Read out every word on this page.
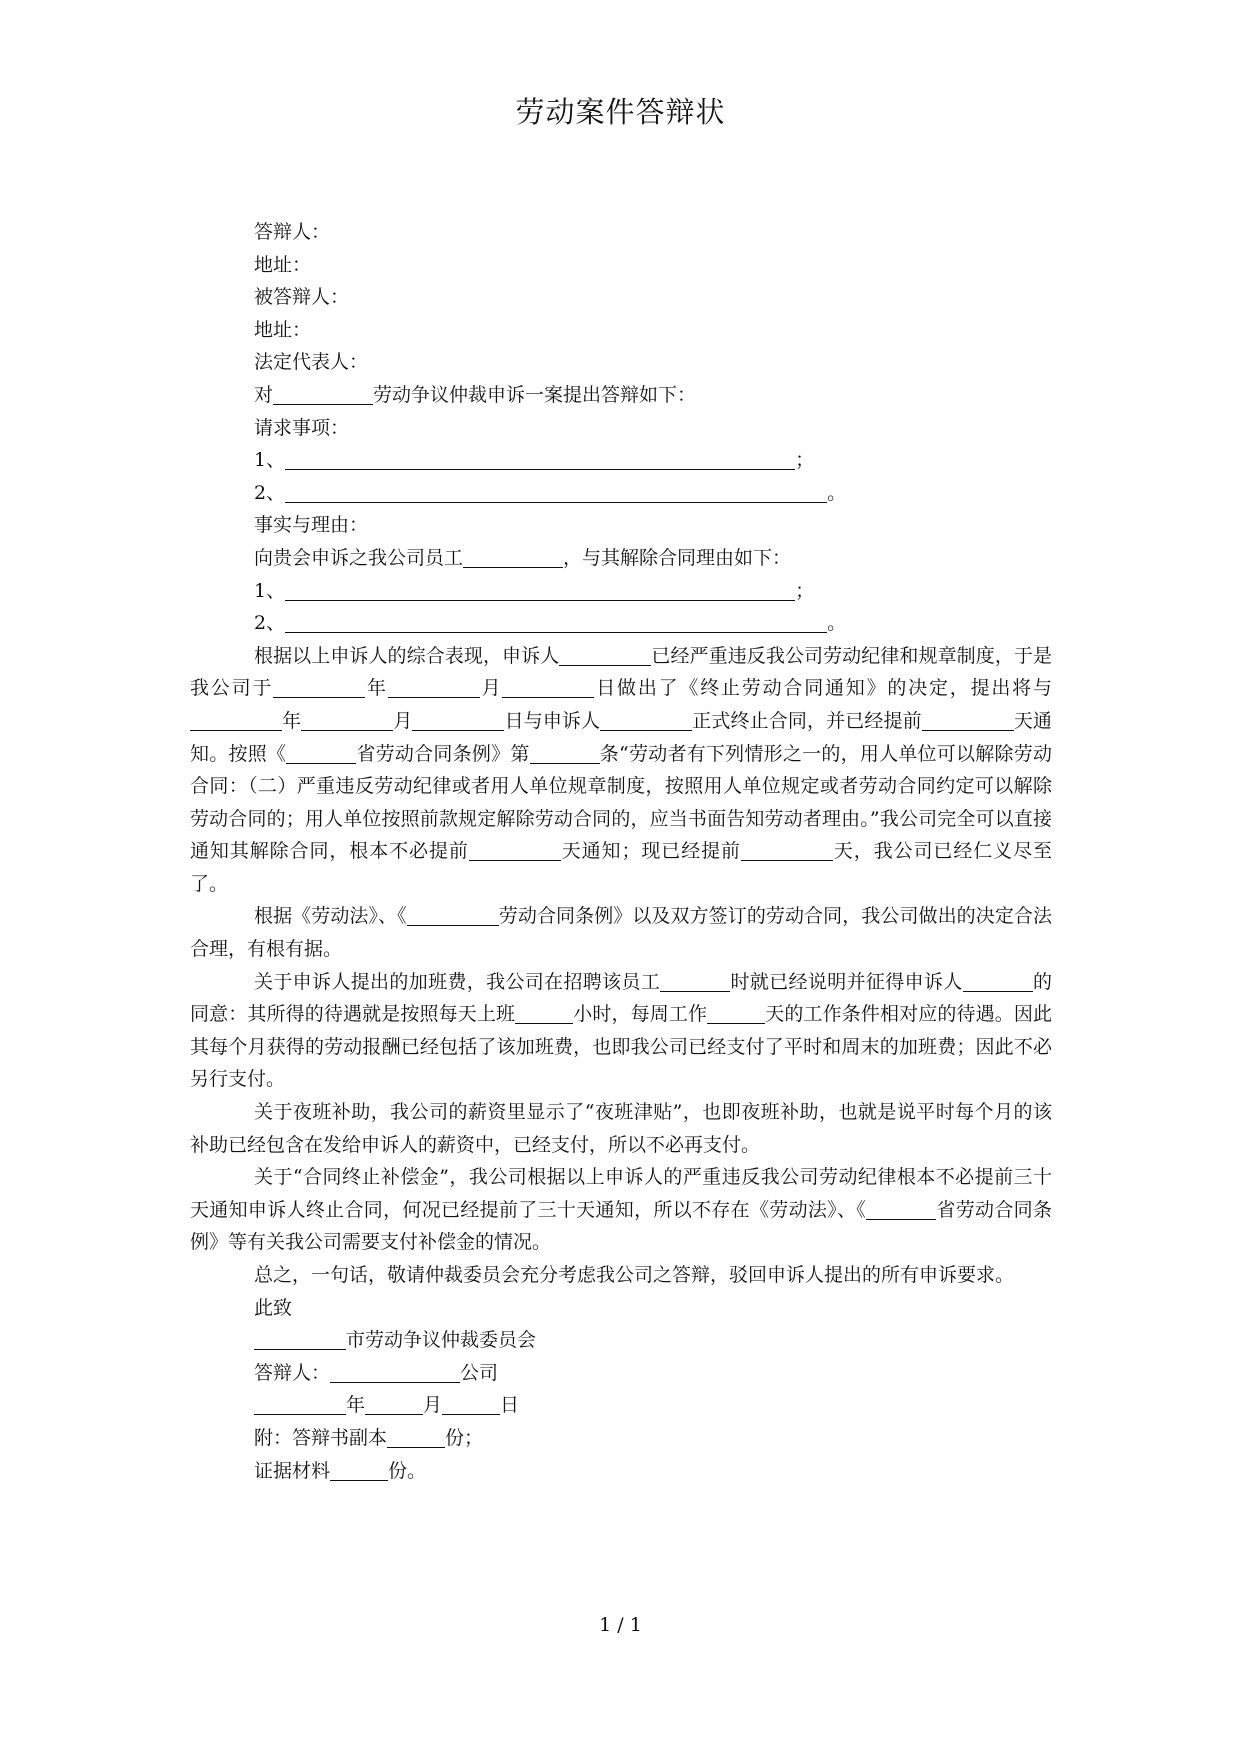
劳动案件答辩状

答辩人：

地址：

被答辩人：

地址：

法定代表人：

对	劳动争议仲裁申诉一案提出答辩如下：

请求事项：

1、	；

2、	。

事实与理由：

向贵会申诉之我公司员工	，与其解除合同理由如下：

1、	；

2、	。

根据以上申诉人的综合表现，申诉人	已经严重违反我公司劳动纪律和规章制度，于是我公司于	年	月	日做出了《终止劳动合同通知》的决定，提出将与年	月	日与申诉人	正式终止合同，并已经提前	天通知。按照《	省劳动合同条例》第	条“劳动者有下列情形之一的，用人单位可以解除劳动合同：（二）严重违反劳动纪律或者用人单位规章制度，按照用人单位规定或者劳动合同约定可以解除劳动合同的；用人单位按照前款规定解除劳动合同的，应当书面告知劳动者理由。”我公司完全可以直接通知其解除合同，根本不必提前	天通知；现已经提前	天，我公司已经仁义尽至了。

根据《劳动法》、《	劳动合同条例》以及双方签订的劳动合同，我公司做出的决定合法合理，有根有据。

关于申诉人提出的加班费，我公司在招聘该员工	时就已经说明并征得申诉人	的同意：其所得的待遇就是按照每天上班	小时，每周工作	天的工作条件相对应的待遇。因此其每个月获得的劳动报酬已经包括了该加班费，也即我公司已经支付了平时和周末的加班费；因此不必另行支付。

关于夜班补助，我公司的薪资里显示了“夜班津贴”，也即夜班补助，也就是说平时每个月的该补助已经包含在发给申诉人的薪资中，已经支付，所以不必再支付。

关于“合同终止补偿金”，我公司根据以上申诉人的严重违反我公司劳动纪律根本不必提前三十天通知申诉人终止合同，何况已经提前了三十天通知，所以不存在《劳动法》、《	省劳动合同条例》等有关我公司需要支付补偿金的情况。

总之，一句话，敬请仲裁委员会充分考虑我公司之答辩，驳回申诉人提出的所有申诉要求。

此致

市劳动争议仲裁委员会

答辩人：	公司

年	月	日

附：答辩书副本	份；

证据材料	份。

1 / 1
